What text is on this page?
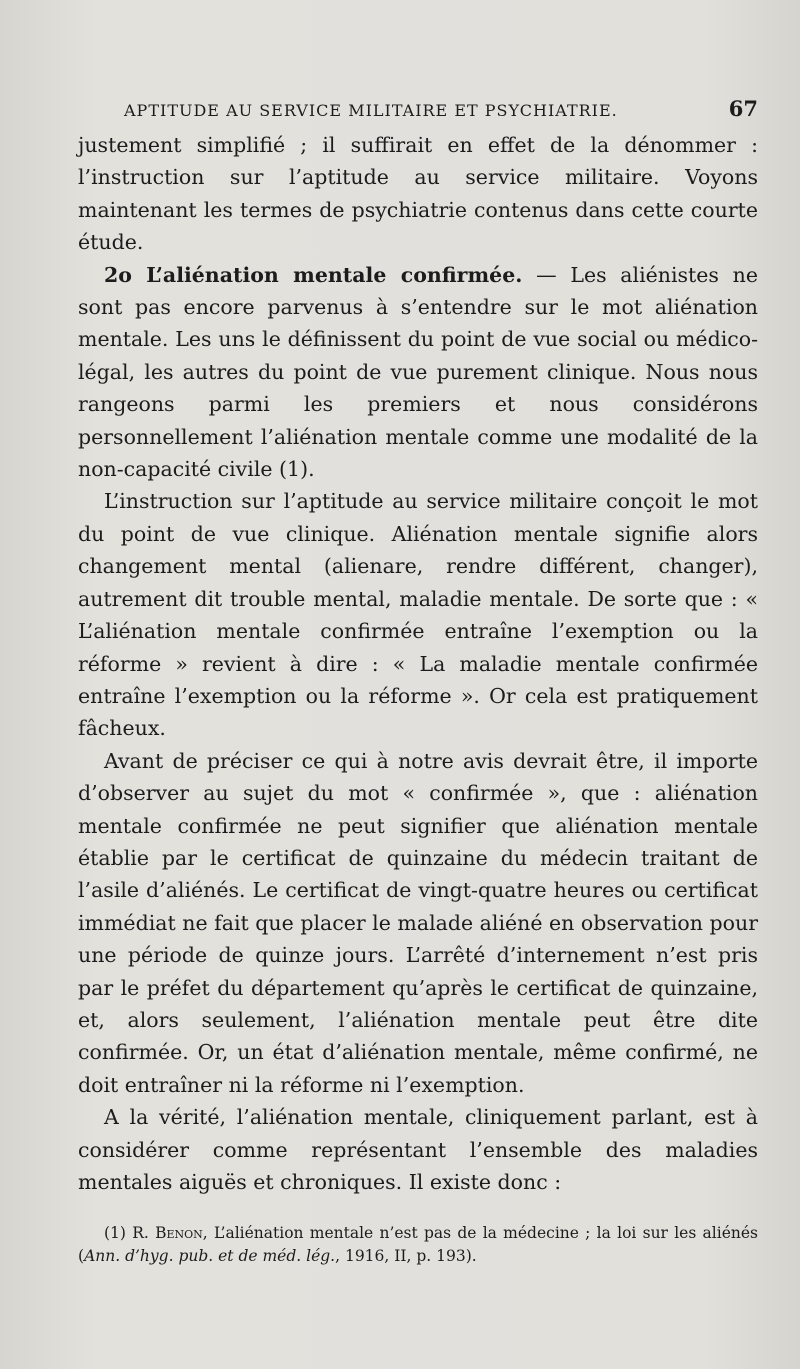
APTITUDE AU SERVICE MILITAIRE ET PSYCHIATRIE.	67

justement simplifié ; il suffirait en effet de la dénommer : l’instruction sur l’aptitude au service militaire. Voyons maintenant les termes de psychiatrie contenus dans cette courte étude.

2o L’aliénation mentale confirmée. — Les aliénistes ne sont pas encore parvenus à s’entendre sur le mot aliénation mentale. Les uns le définissent du point de vue social ou médico-légal, les autres du point de vue purement clinique. Nous nous rangeons parmi les premiers et nous considérons personnellement l’aliénation mentale comme une modalité de la non-capacité civile (1).

L’instruction sur l’aptitude au service militaire conçoit le mot du point de vue clinique. Aliénation mentale signifie alors changement mental (alienare, rendre différent, changer), autrement dit trouble mental, maladie mentale. De sorte que : « L’aliénation mentale confirmée entraîne l’exemption ou la réforme » revient à dire : « La maladie mentale confirmée entraîne l’exemption ou la réforme ». Or cela est pratiquement fâcheux.

Avant de préciser ce qui à notre avis devrait être, il importe d’observer au sujet du mot « confirmée », que : aliénation mentale confirmée ne peut signifier que aliénation mentale établie par le certificat de quinzaine du médecin traitant de l’asile d’aliénés. Le certificat de vingt-quatre heures ou certificat immédiat ne fait que placer le malade aliéné en observation pour une période de quinze jours. L’arrêté d’internement n’est pris par le préfet du département qu’après le certificat de quinzaine, et, alors seulement, l’aliénation mentale peut être dite confirmée. Or, un état d’aliénation mentale, même confirmé, ne doit entraîner ni la réforme ni l’exemption.

A la vérité, l’aliénation mentale, cliniquement parlant, est à considérer comme représentant l’ensemble des maladies mentales aiguës et chroniques. Il existe donc :

(1) R. Benon, L’aliénation mentale n’est pas de la médecine ; la loi sur les aliénés (Ann. d’hyg. pub. et de méd. lég., 1916, II, p. 193).
